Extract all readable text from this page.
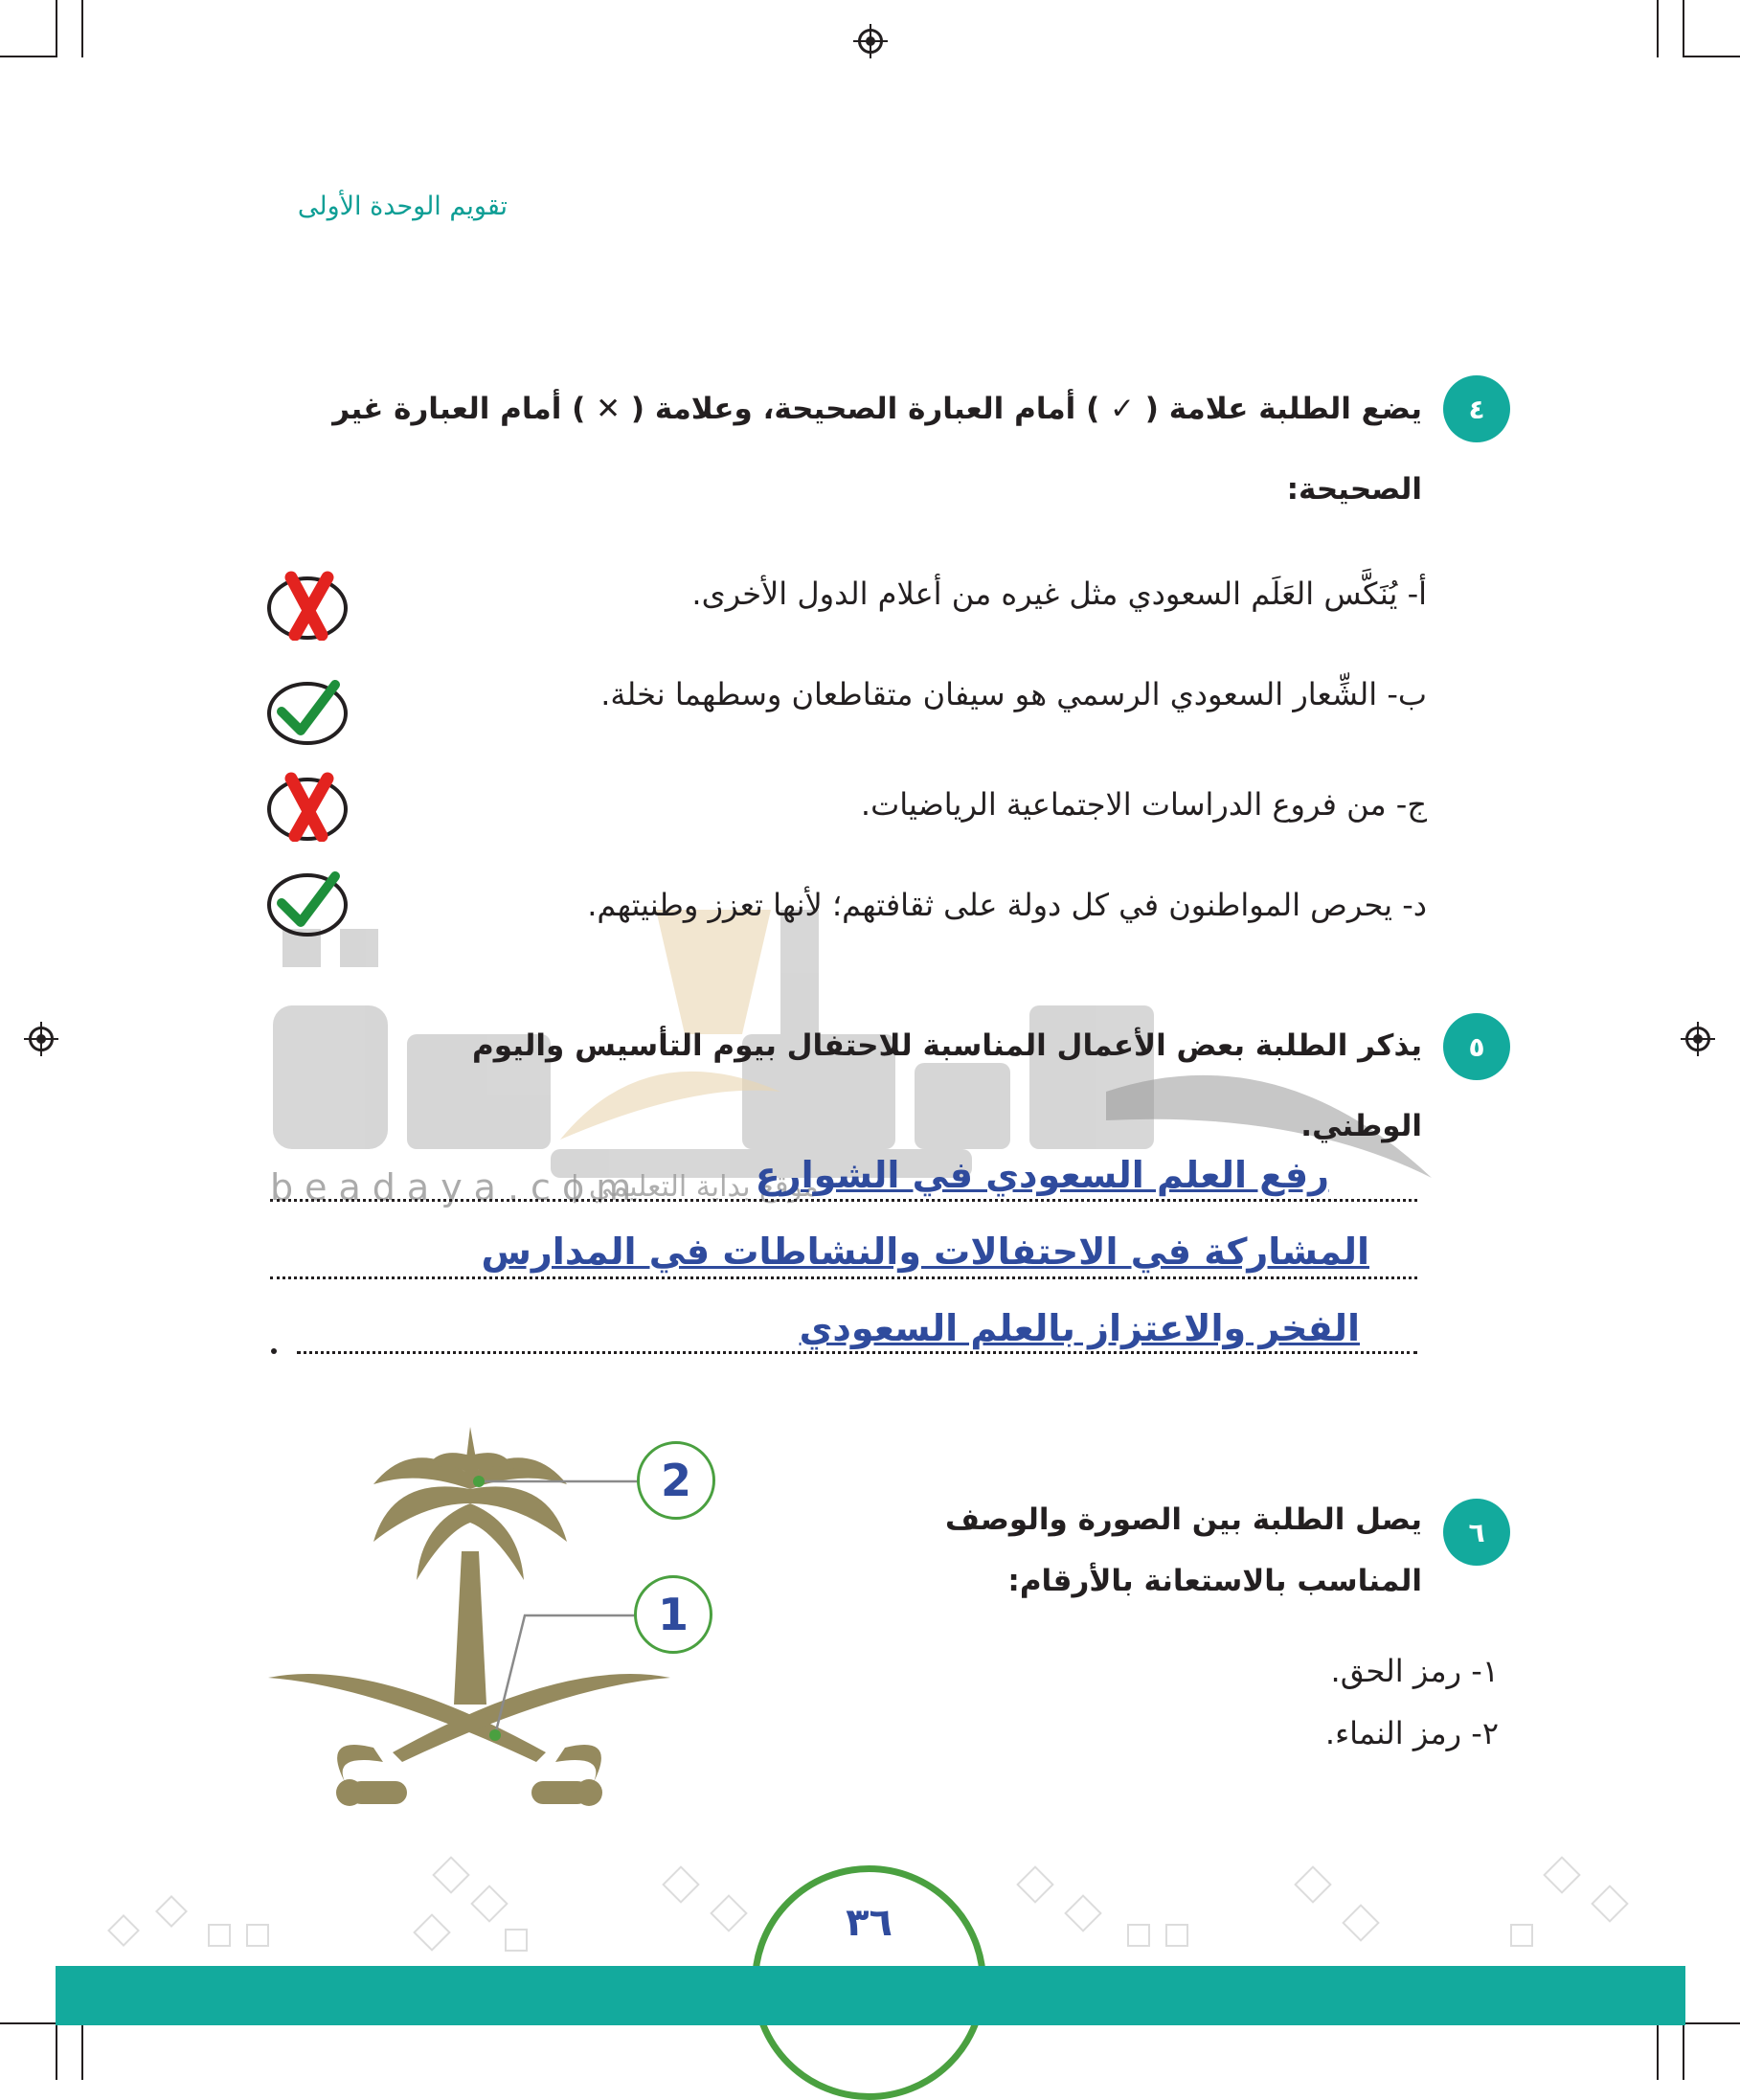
تقويم الوحدة الأولى
beadaya.com
موقع بداية التعليمي |
٤
يضع الطلبة علامة ( ✓ ) أمام العبارة الصحيحة، وعلامة ( ✕ ) أمام العبارة غير
الصحيحة:
أ- يُنَكَّس العَلَم السعودي مثل غيره من أعلام الدول الأخرى.
ب- الشِّعار السعودي الرسمي هو سيفان متقاطعان وسطهما نخلة.
ج- من فروع الدراسات الاجتماعية الرياضيات.
د- يحرص المواطنون في كل دولة على ثقافتهم؛ لأنها تعزز وطنيتهم.
٥
يذكر الطلبة بعض الأعمال المناسبة للاحتفال بيوم التأسيس واليوم
الوطني.
رفع العلم السعودي في الشوارع
المشاركة في الاحتفالات والنشاطات في المدارس
الفخر والاعتزاز بالعلم السعودي
٦
يصل الطلبة بين الصورة والوصف
المناسب بالاستعانة بالأرقام:
١- رمز الحق.
٢- رمز النماء.
2
1
٣٦
